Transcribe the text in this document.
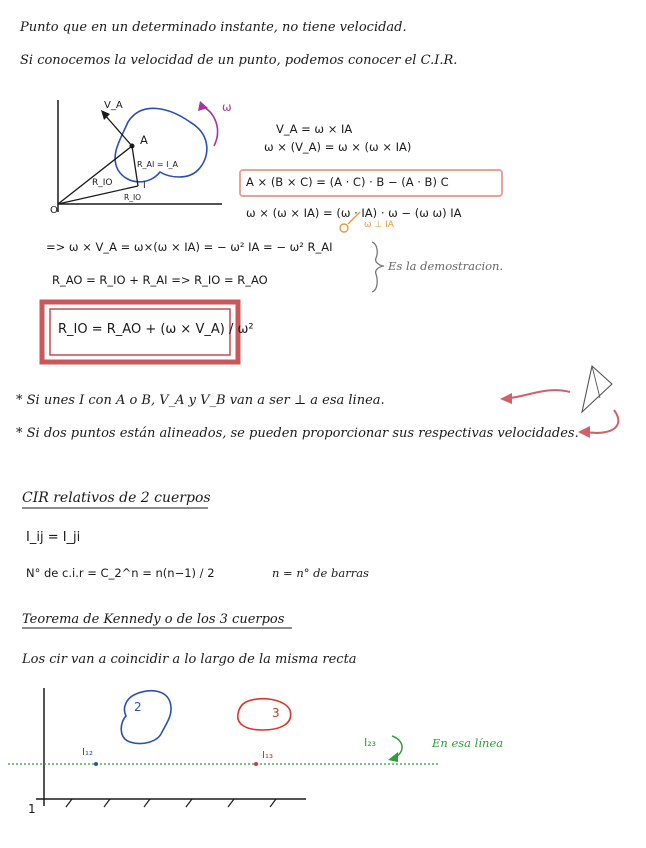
Punto que en un determinado instante, no tiene velocidad.
Si conocemos la velocidad de un punto, podemos conocer el C.I.R.
V_A
A
ω
R_AI = I_A
R_IO	I
R_IO
O
V_A = ω × IA
ω × (V_A) = ω × (ω × IA)
A × (B × C) = (A · C) · B − (A · B) C
ω × (ω × IA) = (ω · IA) · ω − (ω ω) IA
ω ⊥ IA
=> ω × V_A = ω×(ω × IA) = − ω² IA = − ω² R_AI
R_AO = R_IO + R_AI => R_IO = R_AO
Es la demostracion.
R_IO = R_AO + (ω × V_A) / ω²
* Si unes I con A o B, V_A y V_B van a ser ⊥ a esa linea.
* Si dos puntos están alineados, se pueden proporcionar sus respectivas velocidades.
CIR relativos de 2 cuerpos
I_ij = I_ji
N° de c.i.r = C_2^n = n(n−1) / 2	n = n° de barras
Teorema de Kennedy o de los 3 cuerpos
Los cir van a coincidir a lo largo de la misma recta
2	3
1
I₁₂	I₁₃
I₂₃	En esa línea
